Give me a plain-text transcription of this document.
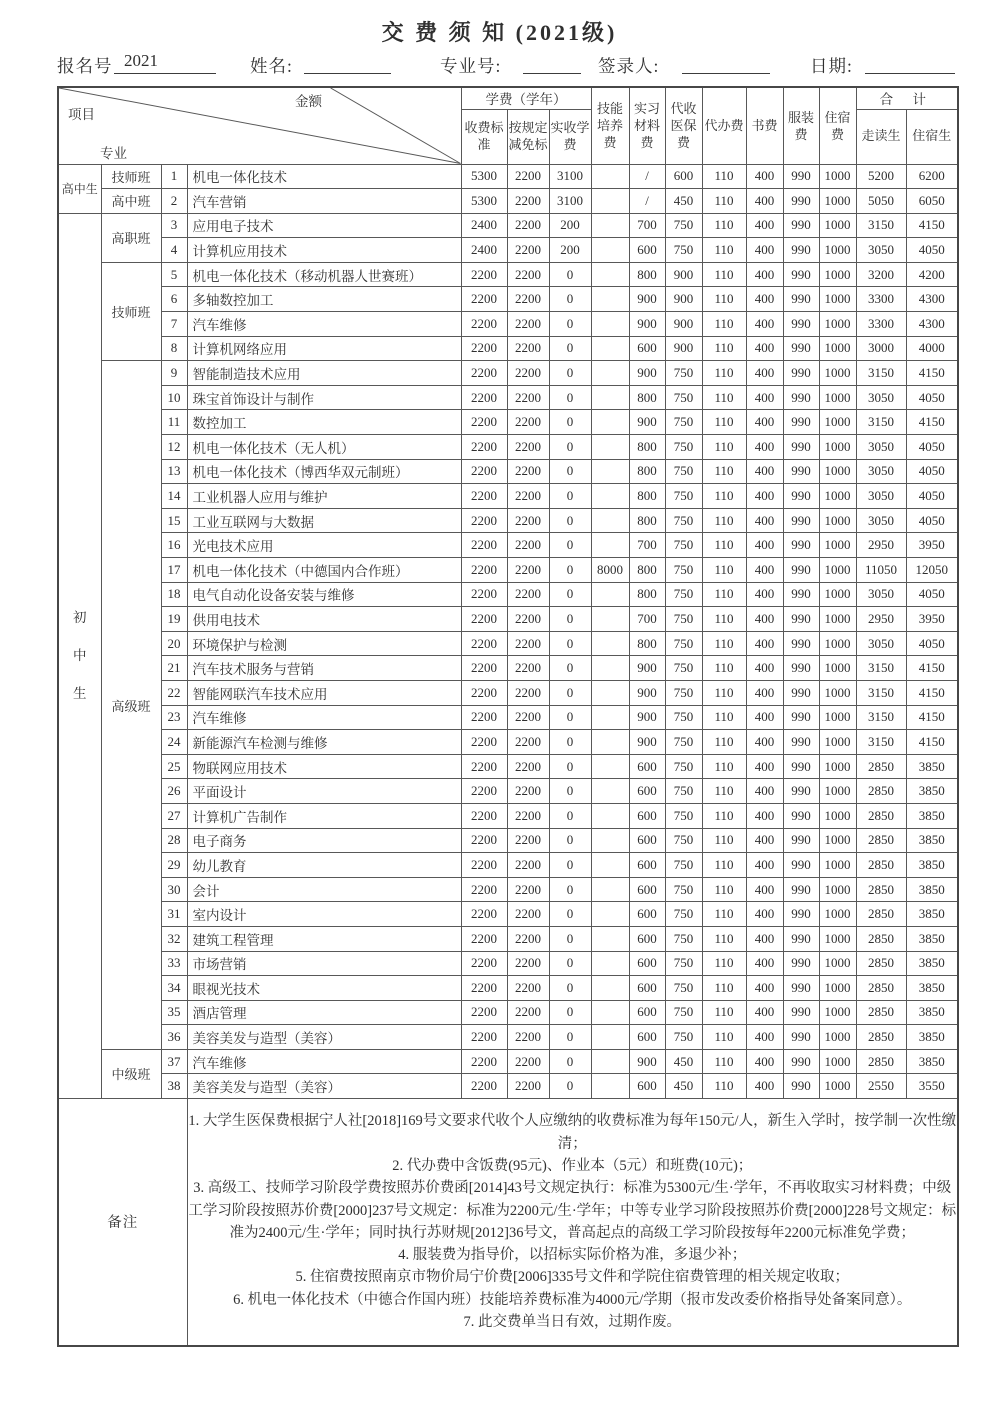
交 费 须 知 (2021级)
报名号 2021	姓名:	专业号:	签录人:	日期:
金额
项目
专业				学费（学年）			技能培养费	实习材料费	代收医保费	代办费	书费	服装费	住宿费	合 计	
				收费标准	按规定减免标	实收学费								走读生	住宿生
高中生	技师班	1	机电一体化技术	5300	2200	3100		/	600	110	400	990	1000	5200	6200
	高中班	2	汽车营销	5300	2200	3100		/	450	110	400	990	1000	5050	6050

初
中
生	高职班	3	应用电子技术	2400	2200	200		700	750	110	400	990	1000	3150	4150
		4	计算机应用技术	2400	2200	200		600	750	110	400	990	1000	3050	4050
	技师班	5	机电一体化技术（移动机器人世赛班）	2200	2200	0		800	900	110	400	990	1000	3200	4200
		6	多轴数控加工	2200	2200	0		900	900	110	400	990	1000	3300	4300
		7	汽车维修	2200	2200	0		900	900	110	400	990	1000	3300	4300
		8	计算机网络应用	2200	2200	0		600	900	110	400	990	1000	3000	4000
	高级班	9	智能制造技术应用	2200	2200	0		900	750	110	400	990	1000	3150	4150
		10	珠宝首饰设计与制作	2200	2200	0		800	750	110	400	990	1000	3050	4050
		11	数控加工	2200	2200	0		900	750	110	400	990	1000	3150	4150
		12	机电一体化技术（无人机）	2200	2200	0		800	750	110	400	990	1000	3050	4050
		13	机电一体化技术（博西华双元制班）	2200	2200	0		800	750	110	400	990	1000	3050	4050
		14	工业机器人应用与维护	2200	2200	0		800	750	110	400	990	1000	3050	4050
		15	工业互联网与大数据	2200	2200	0		800	750	110	400	990	1000	3050	4050
		16	光电技术应用	2200	2200	0		700	750	110	400	990	1000	2950	3950
		17	机电一体化技术（中德国内合作班）	2200	2200	0	8000	800	750	110	400	990	1000	11050	12050
		18	电气自动化设备安装与维修	2200	2200	0		800	750	110	400	990	1000	3050	4050
		19	供用电技术	2200	2200	0		700	750	110	400	990	1000	2950	3950
		20	环境保护与检测	2200	2200	0		800	750	110	400	990	1000	3050	4050
		21	汽车技术服务与营销	2200	2200	0		900	750	110	400	990	1000	3150	4150
		22	智能网联汽车技术应用	2200	2200	0		900	750	110	400	990	1000	3150	4150
		23	汽车维修	2200	2200	0		900	750	110	400	990	1000	3150	4150
		24	新能源汽车检测与维修	2200	2200	0		900	750	110	400	990	1000	3150	4150
		25	物联网应用技术	2200	2200	0		600	750	110	400	990	1000	2850	3850
		26	平面设计	2200	2200	0		600	750	110	400	990	1000	2850	3850
		27	计算机广告制作	2200	2200	0		600	750	110	400	990	1000	2850	3850
		28	电子商务	2200	2200	0		600	750	110	400	990	1000	2850	3850
		29	幼儿教育	2200	2200	0		600	750	110	400	990	1000	2850	3850
		30	会计	2200	2200	0		600	750	110	400	990	1000	2850	3850
		31	室内设计	2200	2200	0		600	750	110	400	990	1000	2850	3850
		32	建筑工程管理	2200	2200	0		600	750	110	400	990	1000	2850	3850
		33	市场营销	2200	2200	0		600	750	110	400	990	1000	2850	3850
		34	眼视光技术	2200	2200	0		600	750	110	400	990	1000	2850	3850
		35	酒店管理	2200	2200	0		600	750	110	400	990	1000	2850	3850
		36	美容美发与造型（美容）	2200	2200	0		600	750	110	400	990	1000	2850	3850
	中级班	37	汽车维修	2200	2200	0		900	450	110	400	990	1000	2850	3850
		38	美容美发与造型（美容）	2200	2200	0		600	450	110	400	990	1000	2550	3550
备注	

1. 大学生医保费根据宁人社[2018]169号文要求代收个人应缴纳的收费标准为每年150元/人，新生入学时，按学制一次性缴清；

2. 代办费中含饭费(95元)、作业本（5元）和班费(10元)；

3. 高级工、技师学习阶段学费按照苏价费函[2014]43号文规定执行：标准为5300元/生·学年，不再收取实习材料费；中级工学习阶段按照苏价费[2000]237号文规定：标准为2200元/生·学年；中等专业学习阶段按照苏价费[2000]228号文规定：标准为2400元/生·学年；同时执行苏财规[2012]36号文，普高起点的高级工学习阶段按每年2200元标准免学费；

4. 服装费为指导价，以招标实际价格为准，多退少补；

5. 住宿费按照南京市物价局宁价费[2006]335号文件和学院住宿费管理的相关规定收取；

6. 机电一体化技术（中德合作国内班）技能培养费标准为4000元/学期（报市发改委价格指导处备案同意）。

7. 此交费单当日有效，过期作废。
